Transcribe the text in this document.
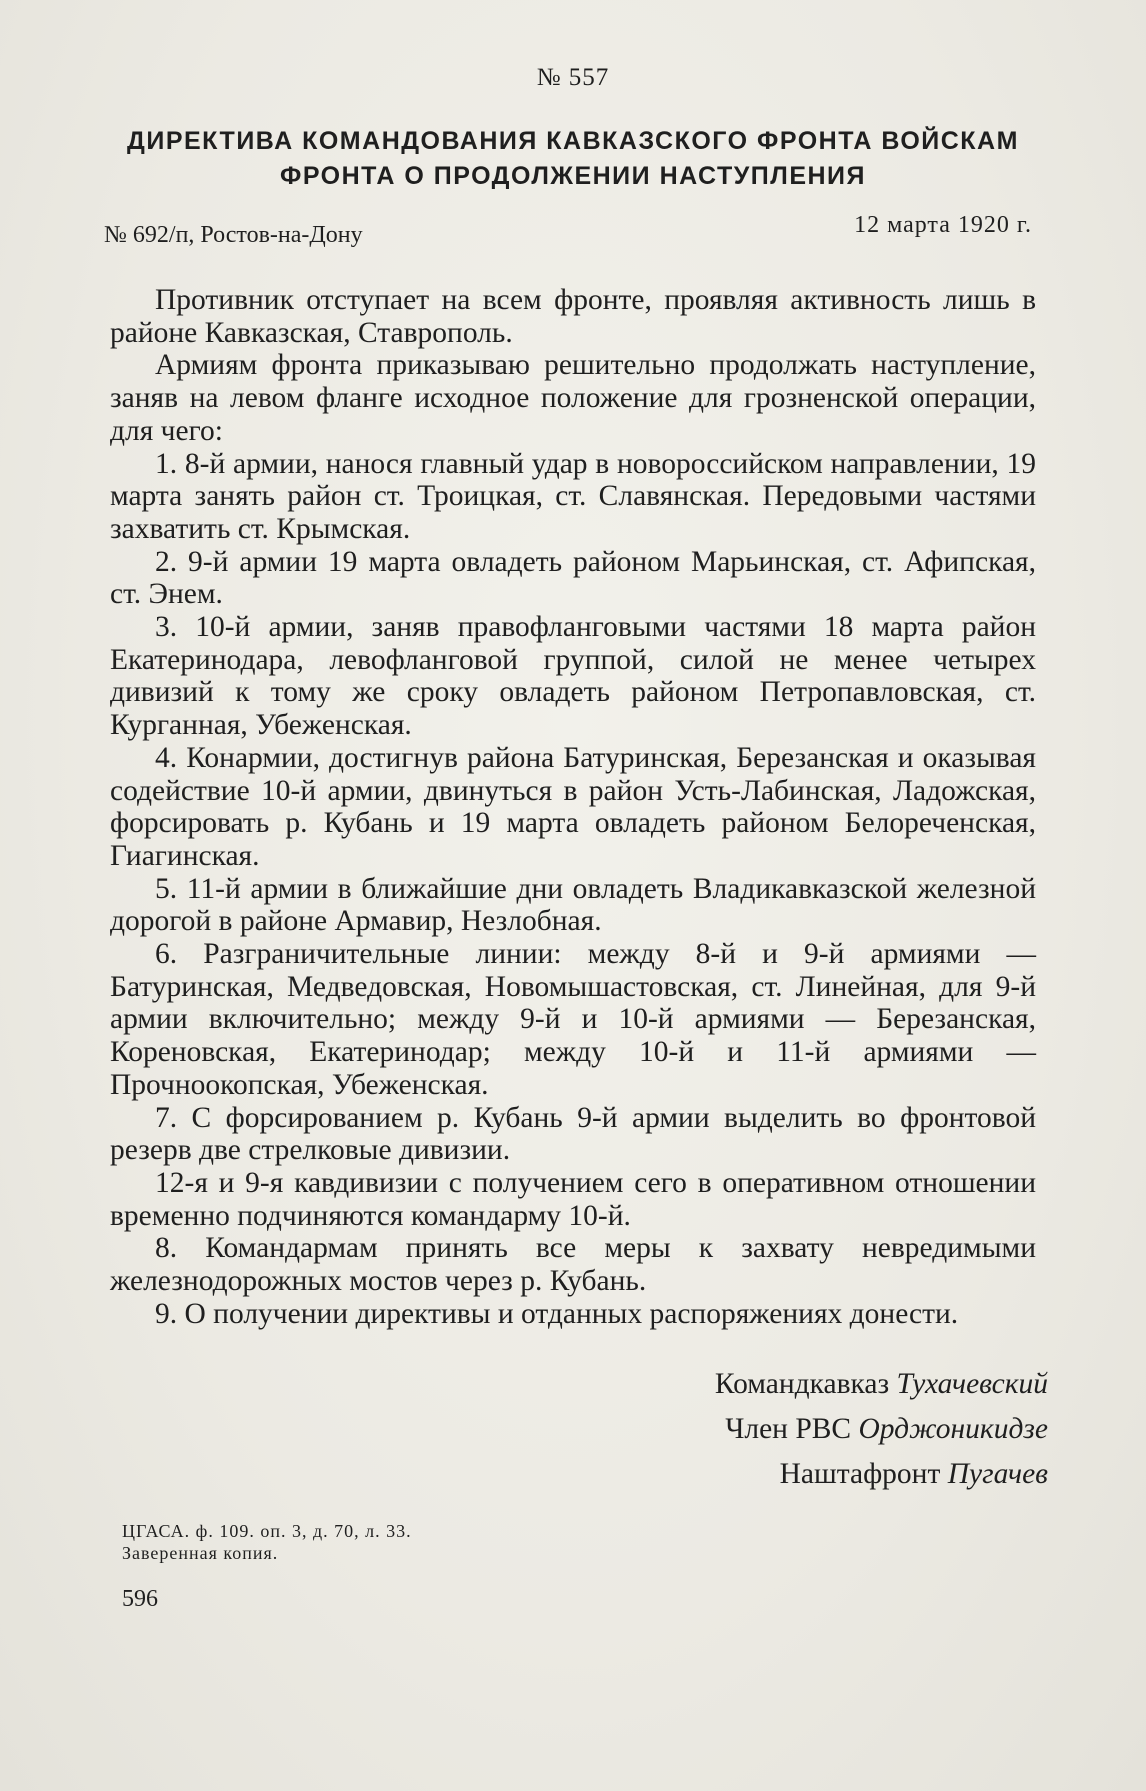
№ 557
ДИРЕКТИВА КОМАНДОВАНИЯ КАВКАЗСКОГО ФРОНТА ВОЙСКАМ
ФРОНТА О ПРОДОЛЖЕНИИ НАСТУПЛЕНИЯ
№ 692/п, Ростов-на-Дону	12 марта 1920 г.

Противник отступает на всем фронте, проявляя активность лишь в районе Кавказская, Ставрополь.

Армиям фронта приказываю решительно продолжать наступление, заняв на левом фланге исходное положение для грозненской операции, для чего:

1. 8-й армии, нанося главный удар в новороссийском направлении, 19 марта занять район ст. Троицкая, ст. Славянская. Передовыми частями захватить ст. Крымская.

2. 9-й армии 19 марта овладеть районом Марьинская, ст. Афипская, ст. Энем.

3. 10-й армии, заняв правофланговыми частями 18 марта район Екатеринодара, левофланговой группой, силой не менее четырех дивизий к тому же сроку овладеть районом Петропавловская, ст. Курганная, Убеженская.

4. Конармии, достигнув района Батуринская, Березанская и оказывая содействие 10-й армии, двинуться в район Усть-Лабинская, Ладожская, форсировать р. Кубань и 19 марта овладеть районом Белореченская, Гиагинская.

5. 11-й армии в ближайшие дни овладеть Владикавказской железной дорогой в районе Армавир, Незлобная.

6. Разграничительные линии: между 8-й и 9-й армиями — Батуринская, Медведовская, Новомышастовская, ст. Линейная, для 9-й армии включительно; между 9-й и 10-й армиями — Березанская, Кореновская, Екатеринодар; между 10-й и 11-й армиями — Прочноокопская, Убеженская.

7. С форсированием р. Кубань 9-й армии выделить во фронтовой резерв две стрелковые дивизии.

12-я и 9-я кавдивизии с получением сего в оперативном отношении временно подчиняются командарму 10-й.

8. Командармам принять все меры к захвату невредимыми железнодорожных мостов через р. Кубань.

9. О получении директивы и отданных распоряжениях донести.

Командкавказ Тухачевский
Член РВС Орджоникидзе
Наштафронт Пугачев
ЦГАСА. ф. 109. оп. 3, д. 70, л. 33.
Заверенная копия.
596
